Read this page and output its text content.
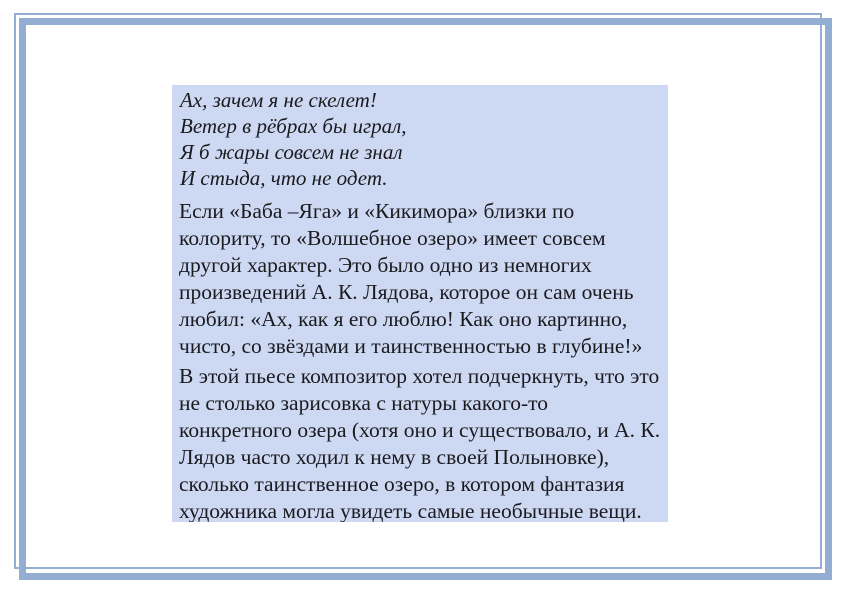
Ах, зачем я не скелет!
Ветер в рёбрах бы играл,
Я б жары совсем не знал
И стыда, что не одет.

Если «Баба –Яга» и «Кикимора» близки по колориту, то «Волшебное озеро» имеет совсем другой характер. Это было одно из немногих произведений А. К. Лядова, которое он сам очень любил: «Ах, как я его люблю! Как оно картинно, чисто, со звёздами и таинственностью в глубине!»

В этой пьесе композитор хотел подчеркнуть, что это не столько зарисовка с натуры какого-то конкретного озера (хотя оно и существовало, и А. К. Лядов часто ходил к нему в своей Полыновке), сколько таинственное озеро, в котором фантазия художника могла увидеть самые необычные вещи.
